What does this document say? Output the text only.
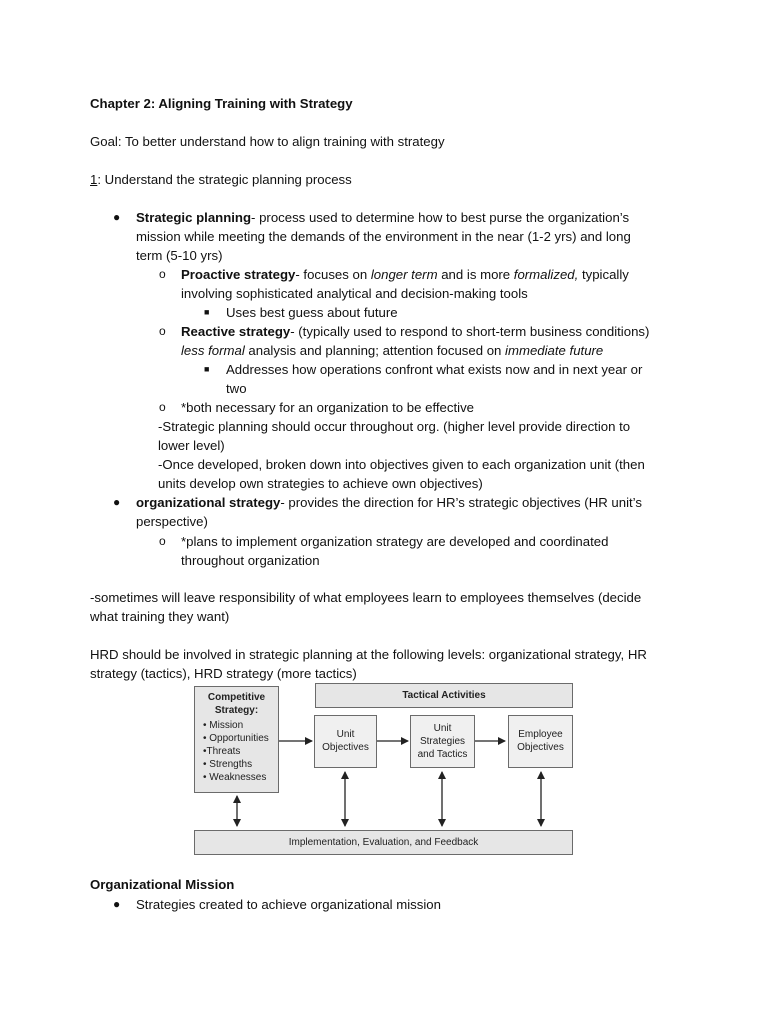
Chapter 2: Aligning Training with Strategy
Goal: To better understand how to align training with strategy
1: Understand the strategic planning process
● Strategic planning- process used to determine how to best purse the organization’s
mission while meeting the demands of the environment in the near (1-2 yrs) and long
term (5-10 yrs)
o Proactive strategy- focuses on longer term and is more formalized, typically
involving sophisticated analytical and decision-making tools
■ Uses best guess about future
o Reactive strategy- (typically used to respond to short-term business conditions)
less formal analysis and planning; attention focused on immediate future
■ Addresses how operations confront what exists now and in next year or
two
o *both necessary for an organization to be effective
-Strategic planning should occur throughout org. (higher level provide direction to
lower level)
-Once developed, broken down into objectives given to each organization unit (then
units develop own strategies to achieve own objectives)
● organizational strategy- provides the direction for HR’s strategic objectives (HR unit’s
perspective)
o *plans to implement organization strategy are developed and coordinated
throughout organization
-sometimes will leave responsibility of what employees learn to employees themselves (decide
what training they want)
HRD should be involved in strategic planning at the following levels: organizational strategy, HR
strategy (tactics), HRD strategy (more tactics)
Competitive
Strategy:
• Mission
• Opportunities
•Threats
• Strengths
• Weaknesses
Tactical Activities
Unit
Objectives
Unit
Strategies
and Tactics
Employee
Objectives
Implementation, Evaluation, and Feedback
Organizational Mission
● Strategies created to achieve organizational mission
